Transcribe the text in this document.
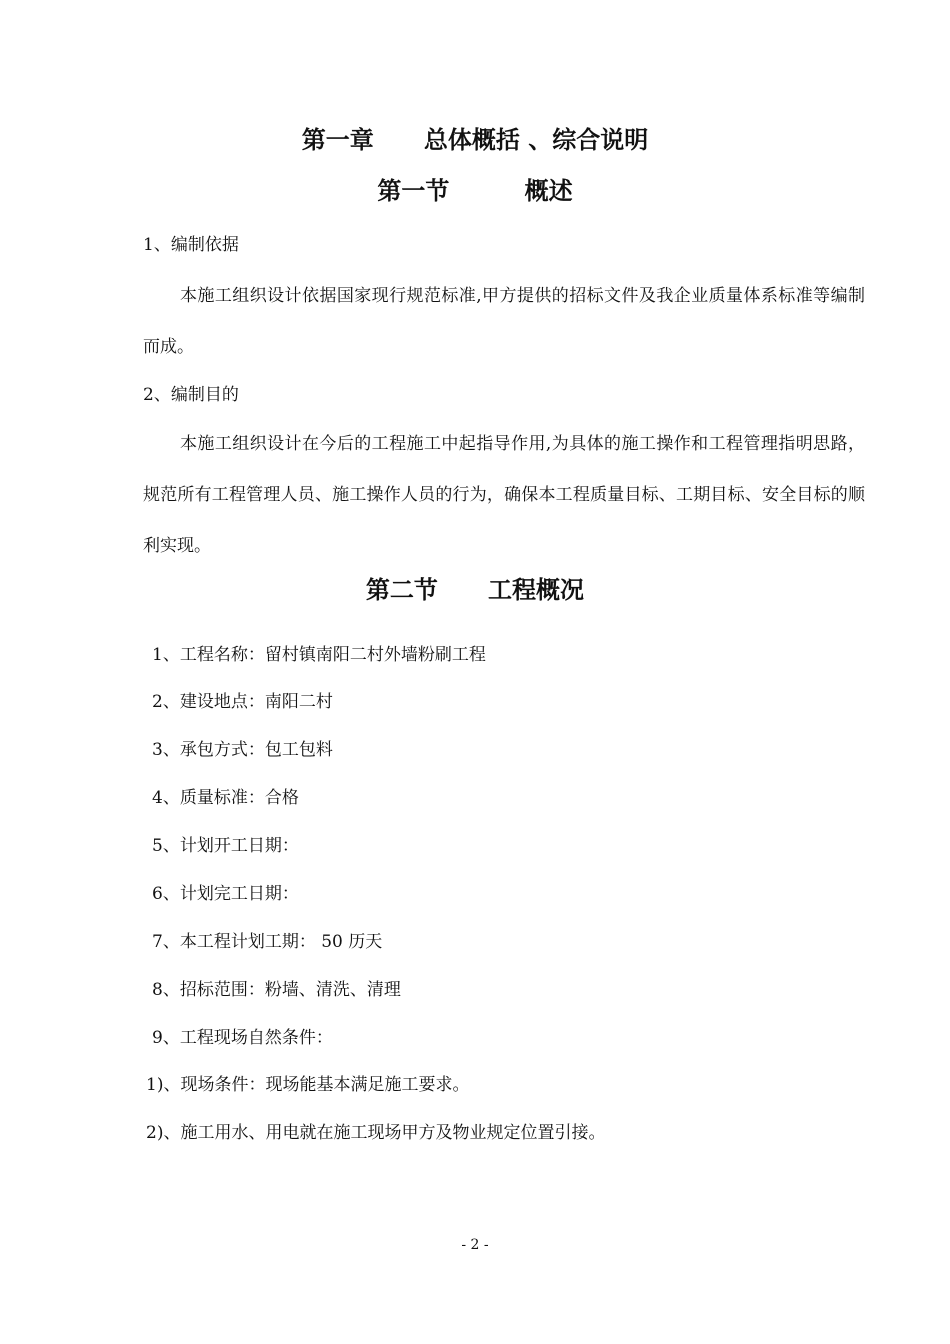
第一章      总体概括 、综合说明
第一节         概述
1、编制依据
本施工组织设计依据国家现行规范标准,甲方提供的招标文件及我企业质量体系标准等编制而成。
2、编制目的
本施工组织设计在今后的工程施工中起指导作用,为具体的施工操作和工程管理指明思路，规范所有工程管理人员、施工操作人员的行为，确保本工程质量目标、工期目标、安全目标的顺利实现。
第二节      工程概况
1、工程名称：留村镇南阳二村外墙粉刷工程
2、建设地点：南阳二村
3、承包方式：包工包料
4、质量标准：合格
5、计划开工日期：
6、计划完工日期：
7、本工程计划工期： 50 历天
8、招标范围：粉墙、清洗、清理
9、工程现场自然条件：
1)、现场条件：现场能基本满足施工要求。
2)、施工用水、用电就在施工现场甲方及物业规定位置引接。
- 2 -
